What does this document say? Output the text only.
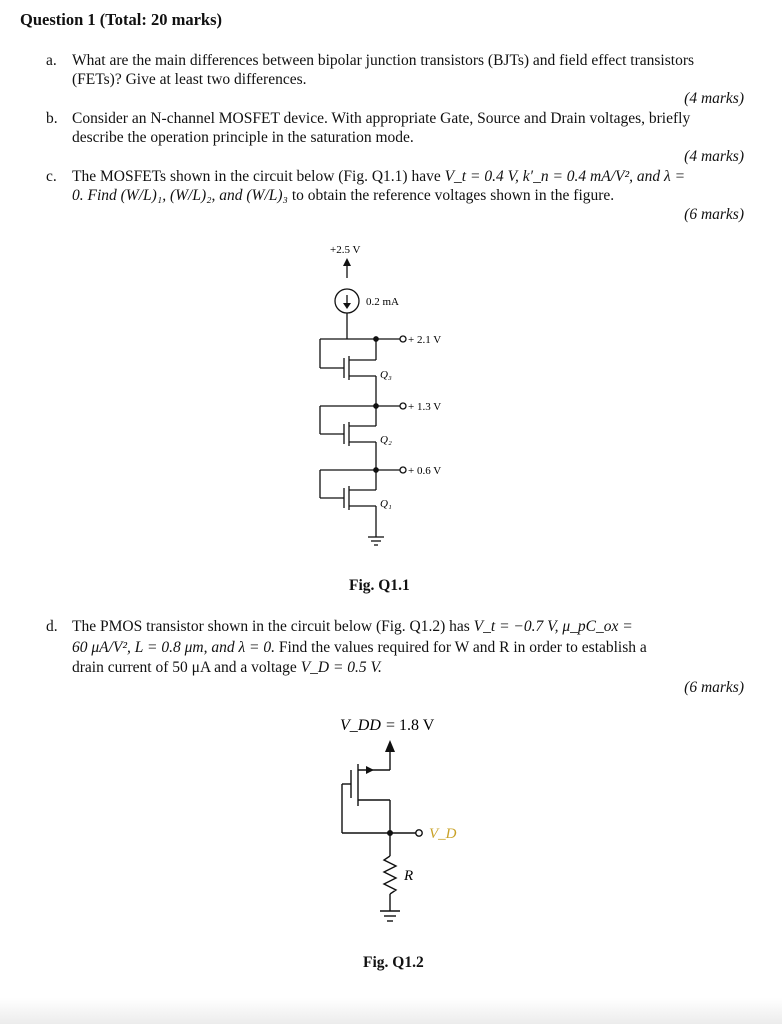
Question 1 (Total: 20 marks)
a. What are the main differences between bipolar junction transistors (BJTs) and field effect transistors
(FETs)? Give at least two differences.
(4 marks)
b. Consider an N-channel MOSFET device. With appropriate Gate, Source and Drain voltages, briefly
describe the operation principle in the saturation mode.
(4 marks)
c. The MOSFETs shown in the circuit below (Fig. Q1.1) have V_t = 0.4 V, k′_n = 0.4 mA/V², and λ =
0. Find (W/L)₁, (W/L)₂, and (W/L)₃ to obtain the reference voltages shown in the figure.
(6 marks)
+2.5 V
0.2 mA
+ 2.1 V
+ 1.3 V
+ 0.6 V
Q₃
Q₂
Q₁
Fig. Q1.1
d. The PMOS transistor shown in the circuit below (Fig. Q1.2) has V_t = −0.7 V, μ_pC_ox =
60 μA/V², L = 0.8 μm, and λ = 0. Find the values required for W and R in order to establish a
drain current of 50 μA and a voltage V_D = 0.5 V.
(6 marks)
V_DD = 1.8 V
V_D
R
Fig. Q1.2
